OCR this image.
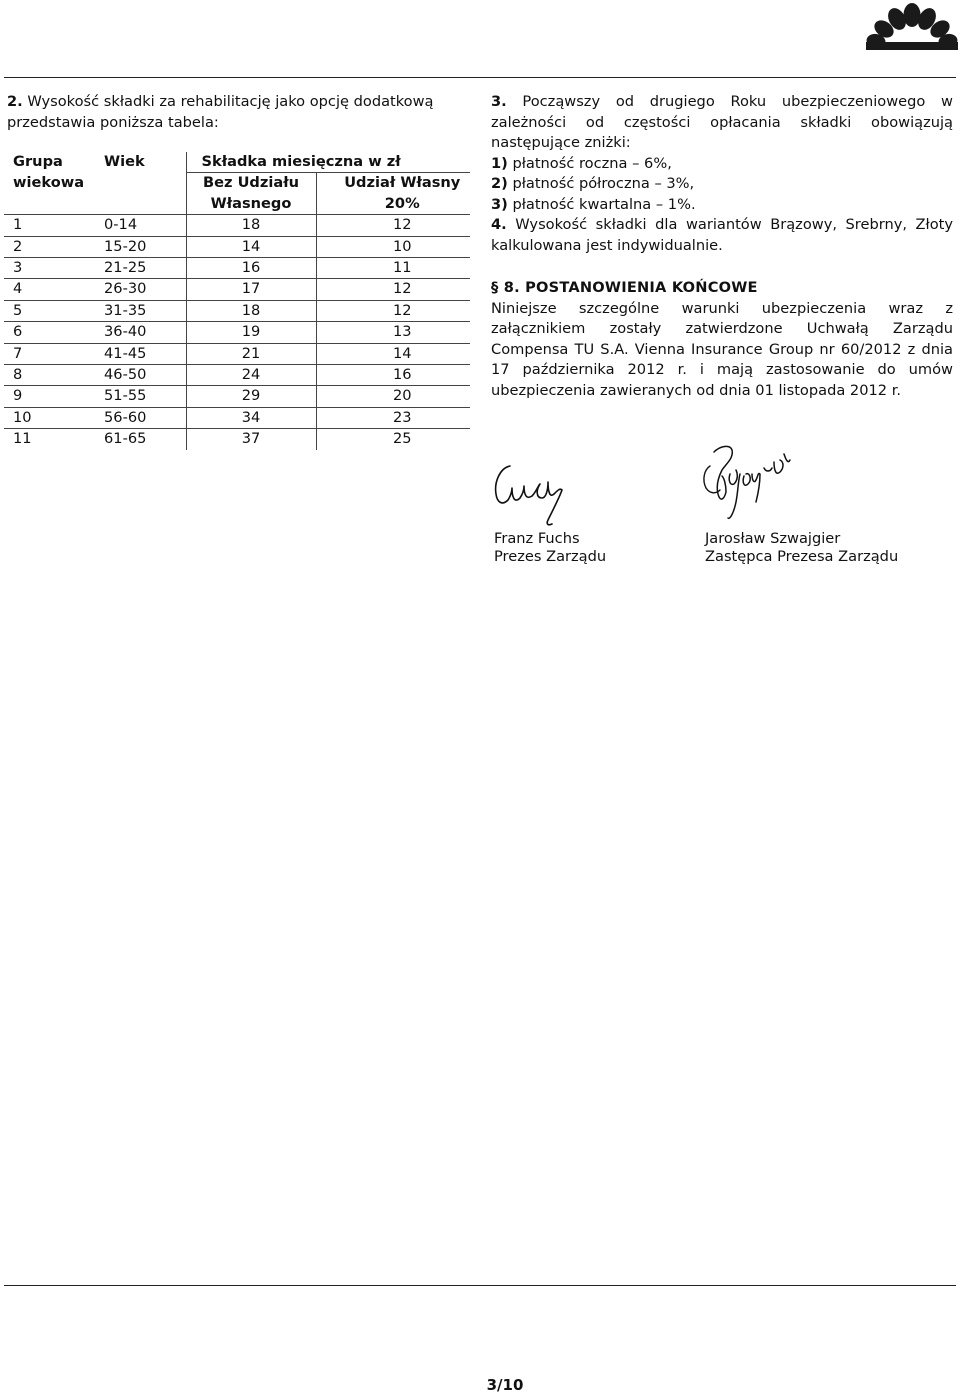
2. Wysokość składki za rehabilitację jako opcję dodatkową przedstawia poniższa tabela:
Grupa	Wiek	Składka miesięczna w zł	
wiekowa		Bez Udziału	Udział Własny
		Własnego	20%
1	0-14	18	12
2	15-20	14	10
3	21-25	16	11
4	26-30	17	12
5	31-35	18	12
6	36-40	19	13
7	41-45	21	14
8	46-50	24	16
9	51-55	29	20
10	56-60	34	23
11	61-65	37	25

3. Począwszy od drugiego Roku ubezpieczeniowego w zależności od częstości opłacania składki obowiązują następujące zniżki:

1) płatność roczna – 6%,

2) płatność półroczna – 3%,

3) płatność kwartalna – 1%.

4. Wysokość składki dla wariantów Brązowy, Srebrny, Złoty kalkulowana jest indywidualnie.

§ 8. POSTANOWIENIA KOŃCOWE

Niniejsze szczególne warunki ubezpieczenia wraz z załącznikiem zostały zatwierdzone Uchwałą Zarządu Compensa TU S.A. Vienna Insurance Group nr 60/2012 z dnia 17 października 2012 r. i mają zastosowanie do umów ubezpieczenia zawieranych od dnia 01 listopada 2012 r.

Franz Fuchs
Prezes Zarządu
Jarosław Szwajgier
Zastępca Prezesa Zarządu
3/10
